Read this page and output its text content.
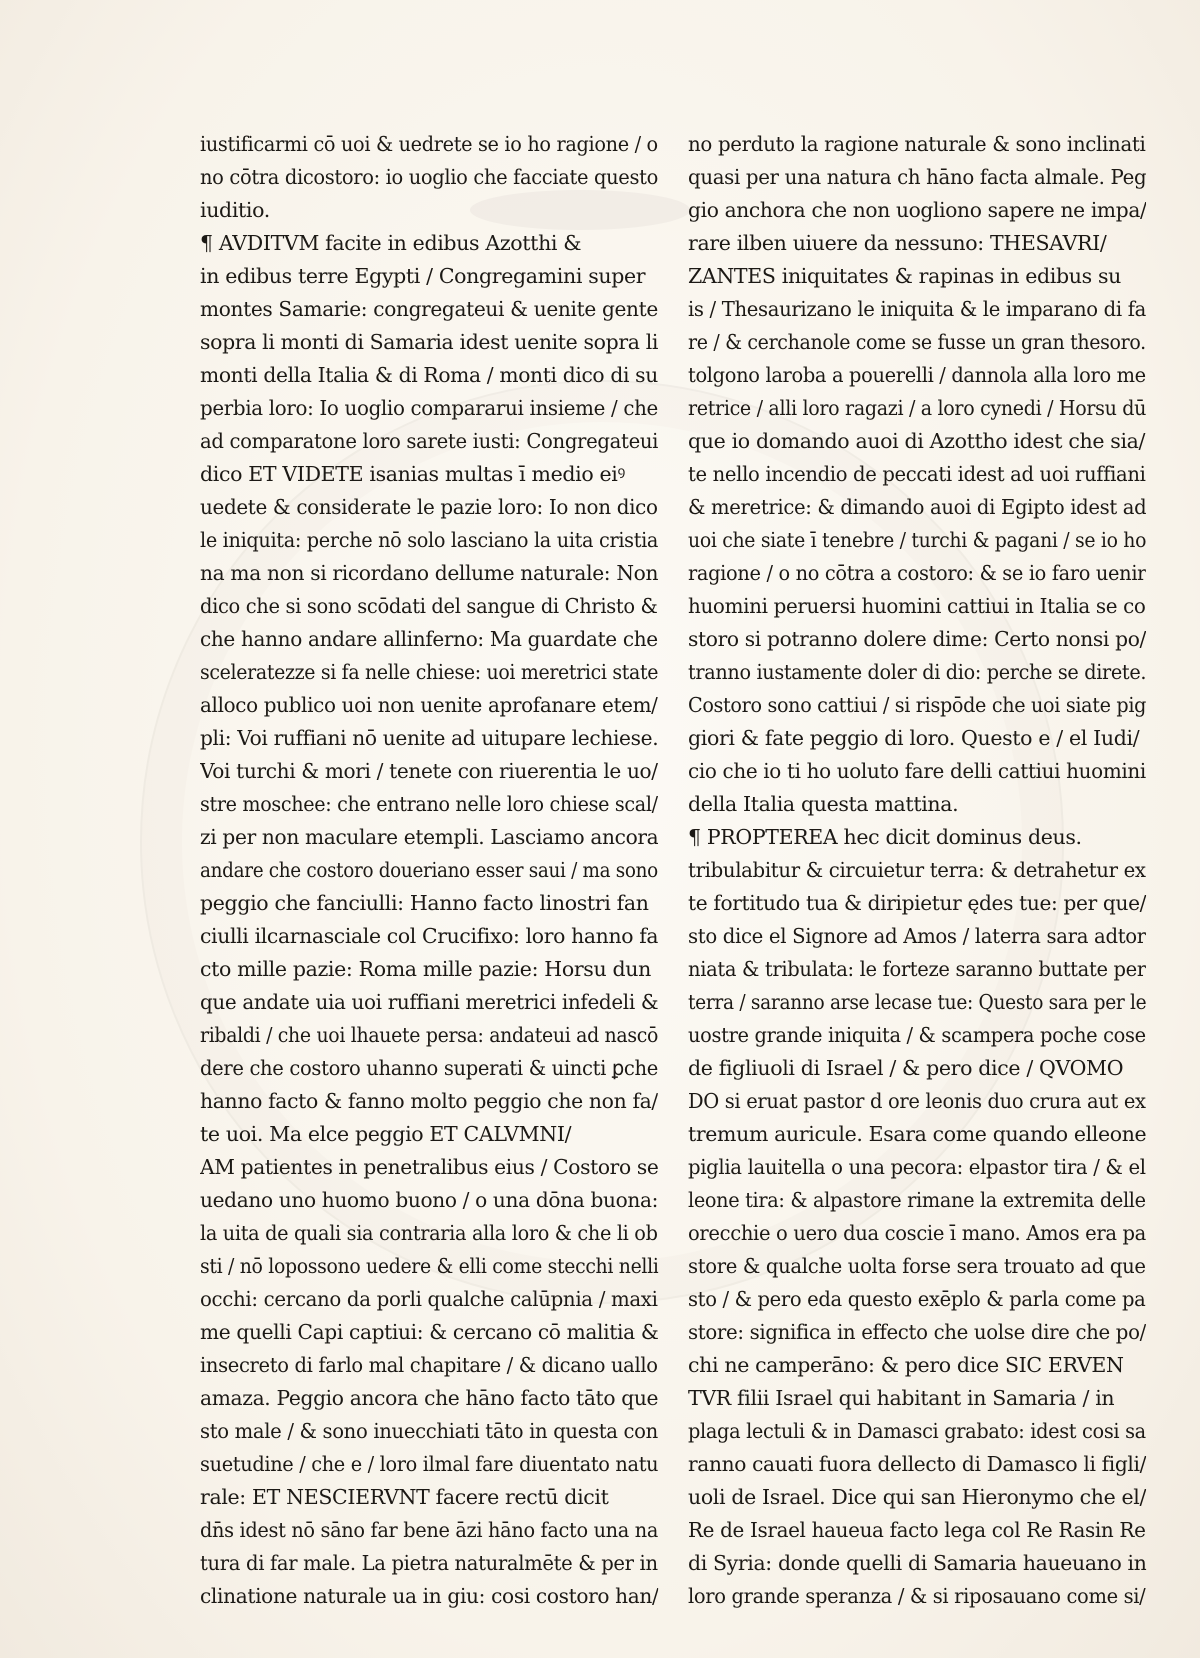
iustificarmi cō uoi & uedrete se io ho ragione / o
no cōtra dicostoro: io uoglio che facciate questo
iuditio.
¶ AVDITVM facite in edibus Azotthi &
in edibus terre Egypti / Congregamini super
montes Samarie: congregateui & uenite gente
sopra li monti di Samaria idest uenite sopra li
monti della Italia & di Roma / monti dico di su
perbia loro: Io uoglio compararui insieme / che
ad comparatone loro sarete iusti: Congregateui
dico ET VIDETE isanias multas ī medio eiꝰ
uedete & considerate le pazie loro: Io non dico
le iniquita: perche nō solo lasciano la uita cristia
na ma non si ricordano dellume naturale: Non
dico che si sono scōdati del sangue di Christo &
che hanno andare allinferno: Ma guardate che
sceleratezze si fa nelle chiese: uoi meretrici state
alloco publico uoi non uenite aprofanare etem/
pli: Voi ruffiani nō uenite ad uitupare lechiese.
Voi turchi & mori / tenete con riuerentia le uo/
stre moschee: che entrano nelle loro chiese scal/
zi per non maculare etempli. Lasciamo ancora
andare che costoro doueriano esser saui / ma sono
peggio che fanciulli: Hanno facto linostri fan
ciulli ilcarnasciale col Crucifixo: loro hanno fa
cto mille pazie: Roma mille pazie: Horsu dun
que andate uia uoi ruffiani meretrici infedeli &
ribaldi / che uoi lhauete persa: andateui ad nascō
dere che costoro uhanno superati & uincti ꝑche
hanno facto & fanno molto peggio che non fa/
te uoi. Ma elce peggio ET CALVMNI/
AM patientes in penetralibus eius / Costoro se
uedano uno huomo buono / o una dōna buona:
la uita de quali sia contraria alla loro & che li ob
sti / nō lopossono uedere & elli come stecchi nelli
occhi: cercano da porli qualche calūpnia / maxi
me quelli Capi captiui: & cercano cō malitia &
insecreto di farlo mal chapitare / & dicano uallo
amaza. Peggio ancora che hāno facto tāto que
sto male / & sono inuecchiati tāto in questa con
suetudine / che e / loro ilmal fare diuentato natu
rale: ET NESCIERVNT facere rectū dicit
dn̄s idest nō sāno far bene āzi hāno facto una na
tura di far male. La pietra naturalmēte & per in
clinatione naturale ua in giu: cosi costoro han/
no perduto la ragione naturale & sono inclinati
quasi per una natura ch hāno facta almale. Peg
gio anchora che non uogliono sapere ne impa/
rare ilben uiuere da nessuno: THESAVRI/
ZANTES iniquitates & rapinas in edibus su
is / Thesaurizano le iniquita & le imparano di fa
re / & cerchanole come se fusse un gran thesoro.
tolgono laroba a pouerelli / dannola alla loro me
retrice / alli loro ragazi / a loro cynedi / Horsu dū
que io domando auoi di Azotthо idest che sia/
te nello incendio de peccati idest ad uoi ruffiani
& meretrice: & dimando auoi di Egipto idest ad
uoi che siate ī tenebre / turchi & pagani / se io ho
ragione / o no cōtra a costoro: & se io faro uenir
huomini peruersi huomini cattiui in Italia se co
storo si potranno dolere dime: Certo nonsi po/
tranno iustamente doler di dio: perche se direte.
Costoro sono cattiui / si rispōde che uoi siate pig
giori & fate peggio di loro. Questo e / el Iudi/
cio che io ti ho uoluto fare delli cattiui huomini
della Italia questa mattina.
¶ PROPTEREA hec dicit dominus deus.
tribulabitur & circuietur terra: & detrahetur ex
te fortitudo tua & diripietur ędes tue: per que/
sto dice el Signore ad Amos / laterra sara adtor
niata & tribulata: le forteze saranno buttate per
terra / saranno arse lecase tue: Questo sara per le
uostre grande iniquita / & scampera poche cose
de figliuoli di Israel / & pero dice / QVOMO
DO si eruat pastor d ore leonis duo crura aut ex
tremum auricule. Esara come quando elleone
piglia lauitella o una pecora: elpastor tira / & el
leone tira: & alpastore rimane la extremita delle
orecchie o uero dua coscie ī mano. Amos era pa
store & qualche uolta forse sera trouato ad que
sto / & pero eda questo exēplo & parla come pa
store: significa in effecto che uolse dire che po/
chi ne camperāno: & pero dice SIC ERVEN
TVR filii Israel qui habitant in Samaria / in
plaga lectuli & in Damasci grabato: idest cosi sa
ranno cauati fuora dellecto di Damasco li figli/
uoli de Israel. Dice qui san Hieronymo che el/
Re de Israel haueua facto lega col Re Rasin Re
di Syria: donde quelli di Samaria haueuano in
loro grande speranza / & si riposauano come si/
